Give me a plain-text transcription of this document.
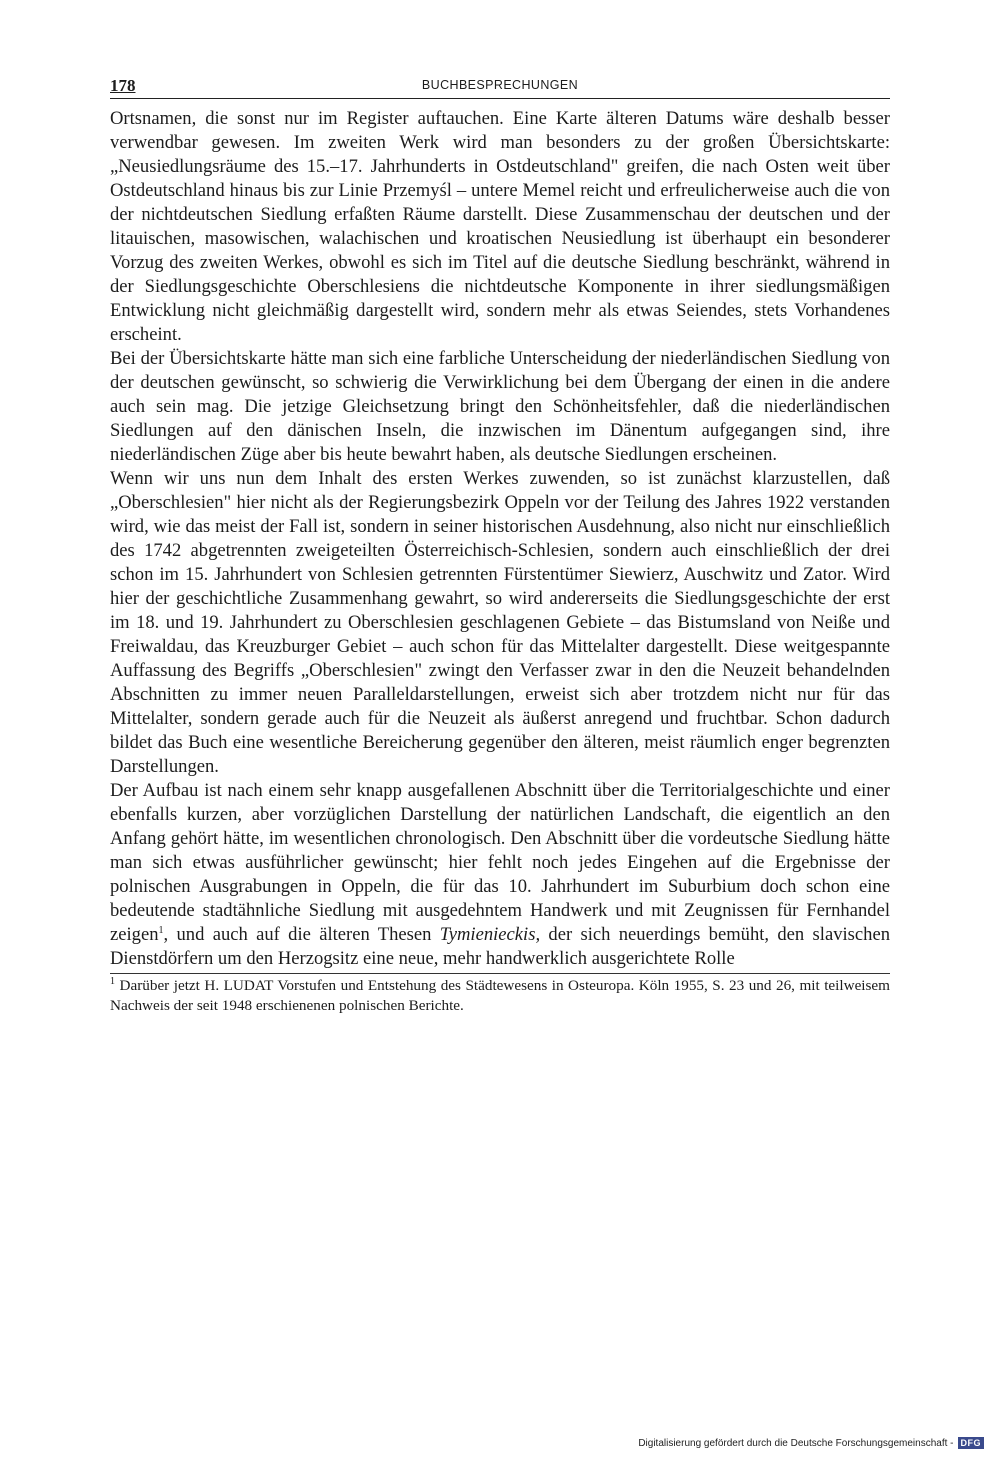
178	BUCHBESPRECHUNGEN

Ortsnamen, die sonst nur im Register auftauchen. Eine Karte älteren Datums wäre deshalb besser verwendbar gewesen. Im zweiten Werk wird man besonders zu der großen Übersichtskarte: „Neusiedlungsräume des 15.–17. Jahrhunderts in Ostdeutschland" greifen, die nach Osten weit über Ostdeutschland hinaus bis zur Linie Przemyśl – untere Memel reicht und erfreulicherweise auch die von der nichtdeutschen Siedlung erfaßten Räume darstellt. Diese Zusammenschau der deutschen und der litauischen, masowischen, walachischen und kroatischen Neusiedlung ist überhaupt ein besonderer Vorzug des zweiten Werkes, obwohl es sich im Titel auf die deutsche Siedlung beschränkt, während in der Siedlungsgeschichte Oberschlesiens die nichtdeutsche Komponente in ihrer siedlungsmäßigen Entwicklung nicht gleichmäßig dargestellt wird, sondern mehr als etwas Seiendes, stets Vorhandenes erscheint.

Bei der Übersichtskarte hätte man sich eine farbliche Unterscheidung der niederländischen Siedlung von der deutschen gewünscht, so schwierig die Verwirklichung bei dem Übergang der einen in die andere auch sein mag. Die jetzige Gleichsetzung bringt den Schönheitsfehler, daß die niederländischen Siedlungen auf den dänischen Inseln, die inzwischen im Dänentum aufgegangen sind, ihre niederländischen Züge aber bis heute bewahrt haben, als deutsche Siedlungen erscheinen.

Wenn wir uns nun dem Inhalt des ersten Werkes zuwenden, so ist zunächst klarzustellen, daß „Oberschlesien" hier nicht als der Regierungsbezirk Oppeln vor der Teilung des Jahres 1922 verstanden wird, wie das meist der Fall ist, sondern in seiner historischen Ausdehnung, also nicht nur einschließlich des 1742 abgetrennten zweigeteilten Österreichisch-Schlesien, sondern auch einschließlich der drei schon im 15. Jahrhundert von Schlesien getrennten Fürstentümer Siewierz, Auschwitz und Zator. Wird hier der geschichtliche Zusammenhang gewahrt, so wird andererseits die Siedlungsgeschichte der erst im 18. und 19. Jahrhundert zu Oberschlesien geschlagenen Gebiete – das Bistumsland von Neiße und Freiwaldau, das Kreuzburger Gebiet – auch schon für das Mittelalter dargestellt. Diese weitgespannte Auffassung des Begriffs „Oberschlesien" zwingt den Verfasser zwar in den die Neuzeit behandelnden Abschnitten zu immer neuen Paralleldarstellungen, erweist sich aber trotzdem nicht nur für das Mittelalter, sondern gerade auch für die Neuzeit als äußerst anregend und fruchtbar. Schon dadurch bildet das Buch eine wesentliche Bereicherung gegenüber den älteren, meist räumlich enger begrenzten Darstellungen.

Der Aufbau ist nach einem sehr knapp ausgefallenen Abschnitt über die Territorialgeschichte und einer ebenfalls kurzen, aber vorzüglichen Darstellung der natürlichen Landschaft, die eigentlich an den Anfang gehört hätte, im wesentlichen chronologisch. Den Abschnitt über die vordeutsche Siedlung hätte man sich etwas ausführlicher gewünscht; hier fehlt noch jedes Eingehen auf die Ergebnisse der polnischen Ausgrabungen in Oppeln, die für das 10. Jahrhundert im Suburbium doch schon eine bedeutende stadtähnliche Siedlung mit ausgedehntem Handwerk und mit Zeugnissen für Fernhandel zeigen$^1$, und auch auf die älteren Thesen Tymienieckis, der sich neuerdings bemüht, den slavischen Dienstdörfern um den Herzogsitz eine neue, mehr handwerklich ausgerichtete Rolle

$^1$ Darüber jetzt H. LUDAT Vorstufen und Entstehung des Städtewesens in Osteuropa. Köln 1955, S. 23 und 26, mit teilweisem Nachweis der seit 1948 erschienenen polnischen Berichte.

Digitalisierung gefördert durch die Deutsche Forschungsgemeinschaft - DFG
